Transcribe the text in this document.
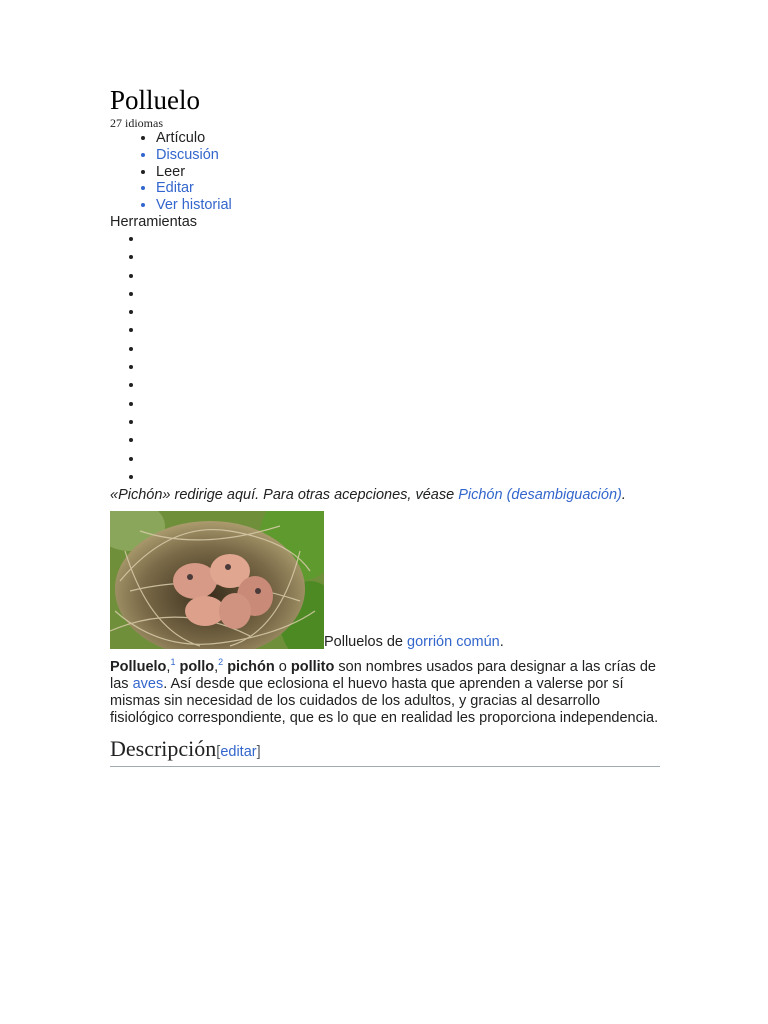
Polluelo
27 idiomas
• Artículo
• Discusión
• Leer
• Editar
• Ver historial
Herramientas
•
•
•
•
•
•
•
•
•
•
•
•
•
•
«Pichón» redirige aquí. Para otras acepciones, véase Pichón (desambiguación).
Polluelos de gorrión común.

Polluelo,$^1$ pollo,$^2$ pichón o pollito son nombres usados para designar a las crías de las aves. Así desde que eclosiona el huevo hasta que aprenden a valerse por sí mismas sin necesidad de los cuidados de los adultos, y gracias al desarrollo fisiológico correspondiente, que es lo que en realidad les proporciona independencia.

Descripción[editar]
